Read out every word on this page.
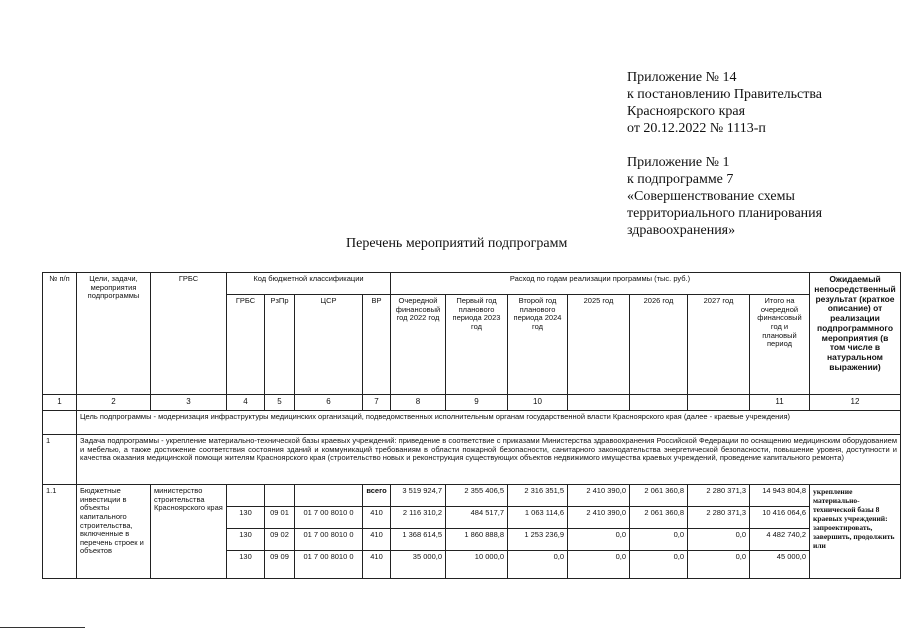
Приложение № 14
к постановлению Правительства
Красноярского края
от 20.12.2022 № 1113-п
Приложение № 1
к подпрограмме 7
«Совершенствование схемы
территориального планирования
здравоохранения»
Перечень мероприятий подпрограмм
№ п/п	Цели, задачи, мероприятия подпрограммы	ГРБС	Код бюджетной классификации				Расход по годам реализации программы (тыс. руб.)							Ожидаемый непосредственный результат (краткое описание) от реализации подпрограммного мероприятия (в том числе в натуральном выражении)
			ГРБС	РзПр	ЦСР	ВР	Очередной финансовый год 2022 год	Первый год планового периода 2023 год	Второй год планового периода 2024 год	2025 год	2026 год	2027 год	Итого на очередной финансовый год и плановый период	
1	2	3	4	5	6	7	8	9	10				11	12
	Цель подпрограммы - модернизация инфраструктуры медицинских организаций, подведомственных исполнительным органам государственной власти Красноярского края (далее - краевые учреждения)													
1	Задача подпрограммы - укрепление материально-технической базы краевых учреждений: приведение в соответствие с приказами Министерства здравоохранения Российской Федерации по оснащению медицинским оборудованием и мебелью, а также достижение соответствия состояния зданий и коммуникаций требованиям в области пожарной безопасности, санитарного законодательства энергетической безопасности, повышение уровня, доступности и качества оказания медицинской помощи жителям Красноярского края (строительство новых и реконструкция существующих объектов недвижимого имущества краевых учреждений, проведение капитального ремонта)													
1.1	Бюджетные инвестиции в объекты капитального строительства, включенные в перечень строек и объектов	министерство строительства Красноярского края				всего	3 519 924,7	2 355 406,5	2 316 351,5	2 410 390,0	2 061 360,8	2 280 371,3	14 943 804,8	укрепление материально-технической базы 8 краевых учреждений: запроектировать, завершить, продолжить или
			130	09 01	01 7 00 8010 0	410	2 116 310,2	484 517,7	1 063 114,6	2 410 390,0	2 061 360,8	2 280 371,3	10 416 064,6	
			130	09 02	01 7 00 8010 0	410	1 368 614,5	1 860 888,8	1 253 236,9	0,0	0,0	0,0	4 482 740,2	
			130	09 09	01 7 00 8010 0	410	35 000,0	10 000,0	0,0	0,0	0,0	0,0	45 000,0	
